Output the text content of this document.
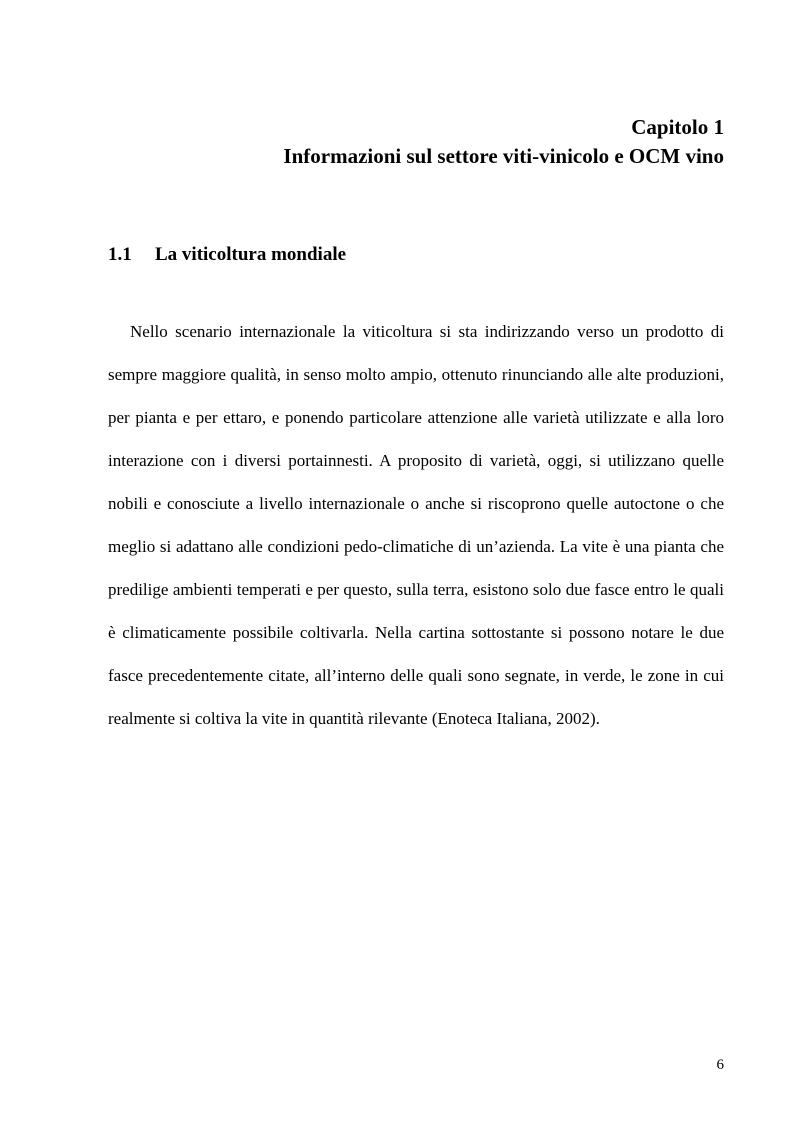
Capitolo 1
Informazioni sul settore viti-vinicolo e OCM vino
1.1 La viticoltura mondiale

Nello scenario internazionale la viticoltura si sta indirizzando verso un prodotto di sempre maggiore qualità, in senso molto ampio, ottenuto rinunciando alle alte produzioni, per pianta e per ettaro, e ponendo particolare attenzione alle varietà utilizzate e alla loro interazione con i diversi portainnesti. A proposito di varietà, oggi, si utilizzano quelle nobili e conosciute a livello internazionale o anche si riscoprono quelle autoctone o che meglio si adattano alle condizioni pedo-climatiche di un’azienda. La vite è una pianta che predilige ambienti temperati e per questo, sulla terra, esistono solo due fasce entro le quali è climaticamente possibile coltivarla. Nella cartina sottostante si possono notare le due fasce precedentemente citate, all’interno delle quali sono segnate, in verde, le zone in cui realmente si coltiva la vite in quantità rilevante (Enoteca Italiana, 2002).

6
